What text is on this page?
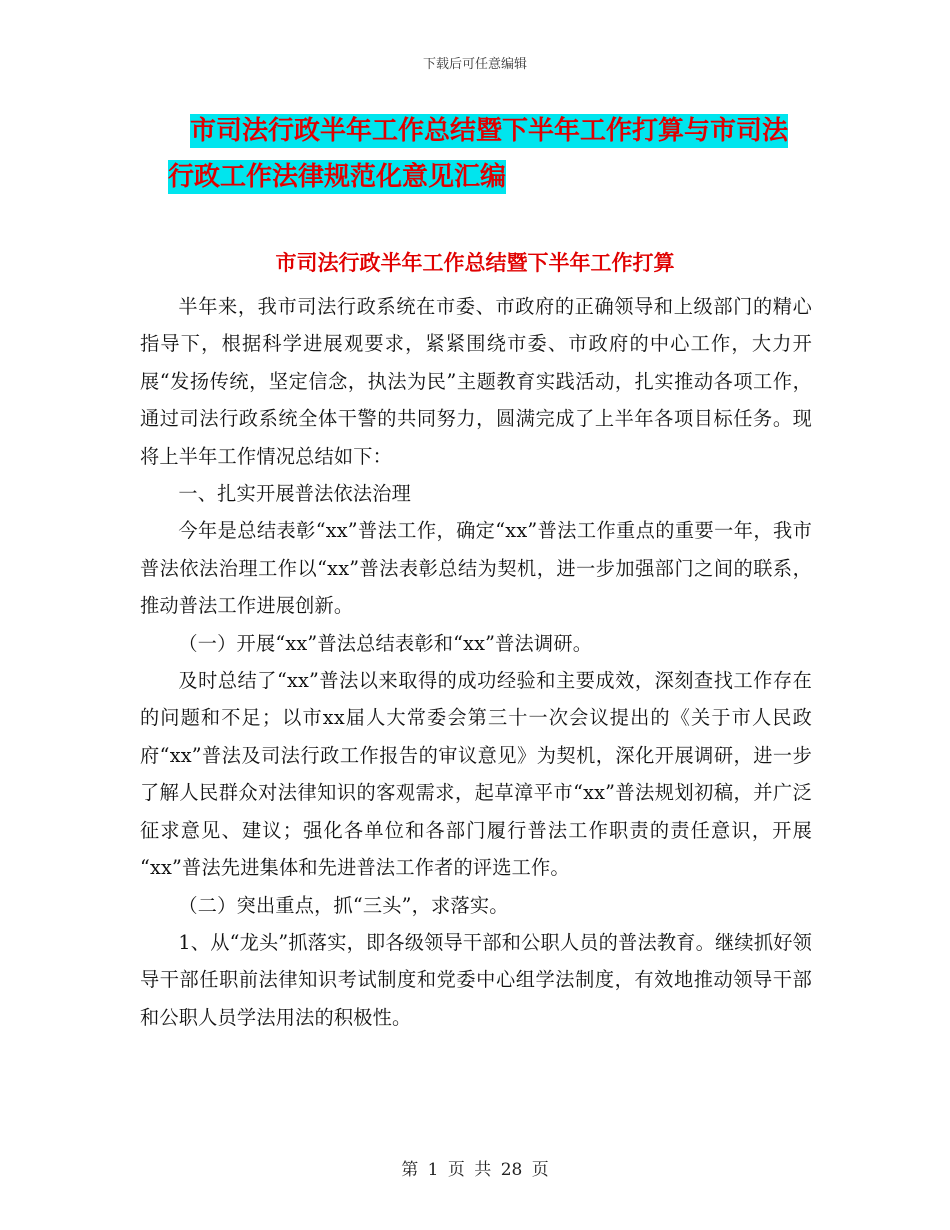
下载后可任意编辑
市司法行政半年工作总结暨下半年工作打算与市司法
行政工作法律规范化意见汇编
市司法行政半年工作总结暨下半年工作打算

半年来，我市司法行政系统在市委、市政府的正确领导和上级部门的精心指导下，根据科学进展观要求，紧紧围绕市委、市政府的中心工作，大力开展“发扬传统，坚定信念，执法为民”主题教育实践活动，扎实推动各项工作，通过司法行政系统全体干警的共同努力，圆满完成了上半年各项目标任务。现将上半年工作情况总结如下：

一、扎实开展普法依法治理

今年是总结表彰“xx”普法工作，确定“xx”普法工作重点的重要一年，我市普法依法治理工作以“xx”普法表彰总结为契机，进一步加强部门之间的联系，推动普法工作进展创新。

（一）开展“xx”普法总结表彰和“xx”普法调研。

及时总结了“xx”普法以来取得的成功经验和主要成效，深刻查找工作存在的问题和不足；以市xx届人大常委会第三十一次会议提出的《关于市人民政府“xx”普法及司法行政工作报告的审议意见》为契机，深化开展调研，进一步了解人民群众对法律知识的客观需求，起草漳平市“xx”普法规划初稿，并广泛征求意见、建议；强化各单位和各部门履行普法工作职责的责任意识，开展 “xx”普法先进集体和先进普法工作者的评选工作。

（二）突出重点，抓“三头”，求落实。

1、从“龙头”抓落实，即各级领导干部和公职人员的普法教育。继续抓好领导干部任职前法律知识考试制度和党委中心组学法制度，有效地推动领导干部和公职人员学法用法的积极性。

第 1 页 共 28 页
